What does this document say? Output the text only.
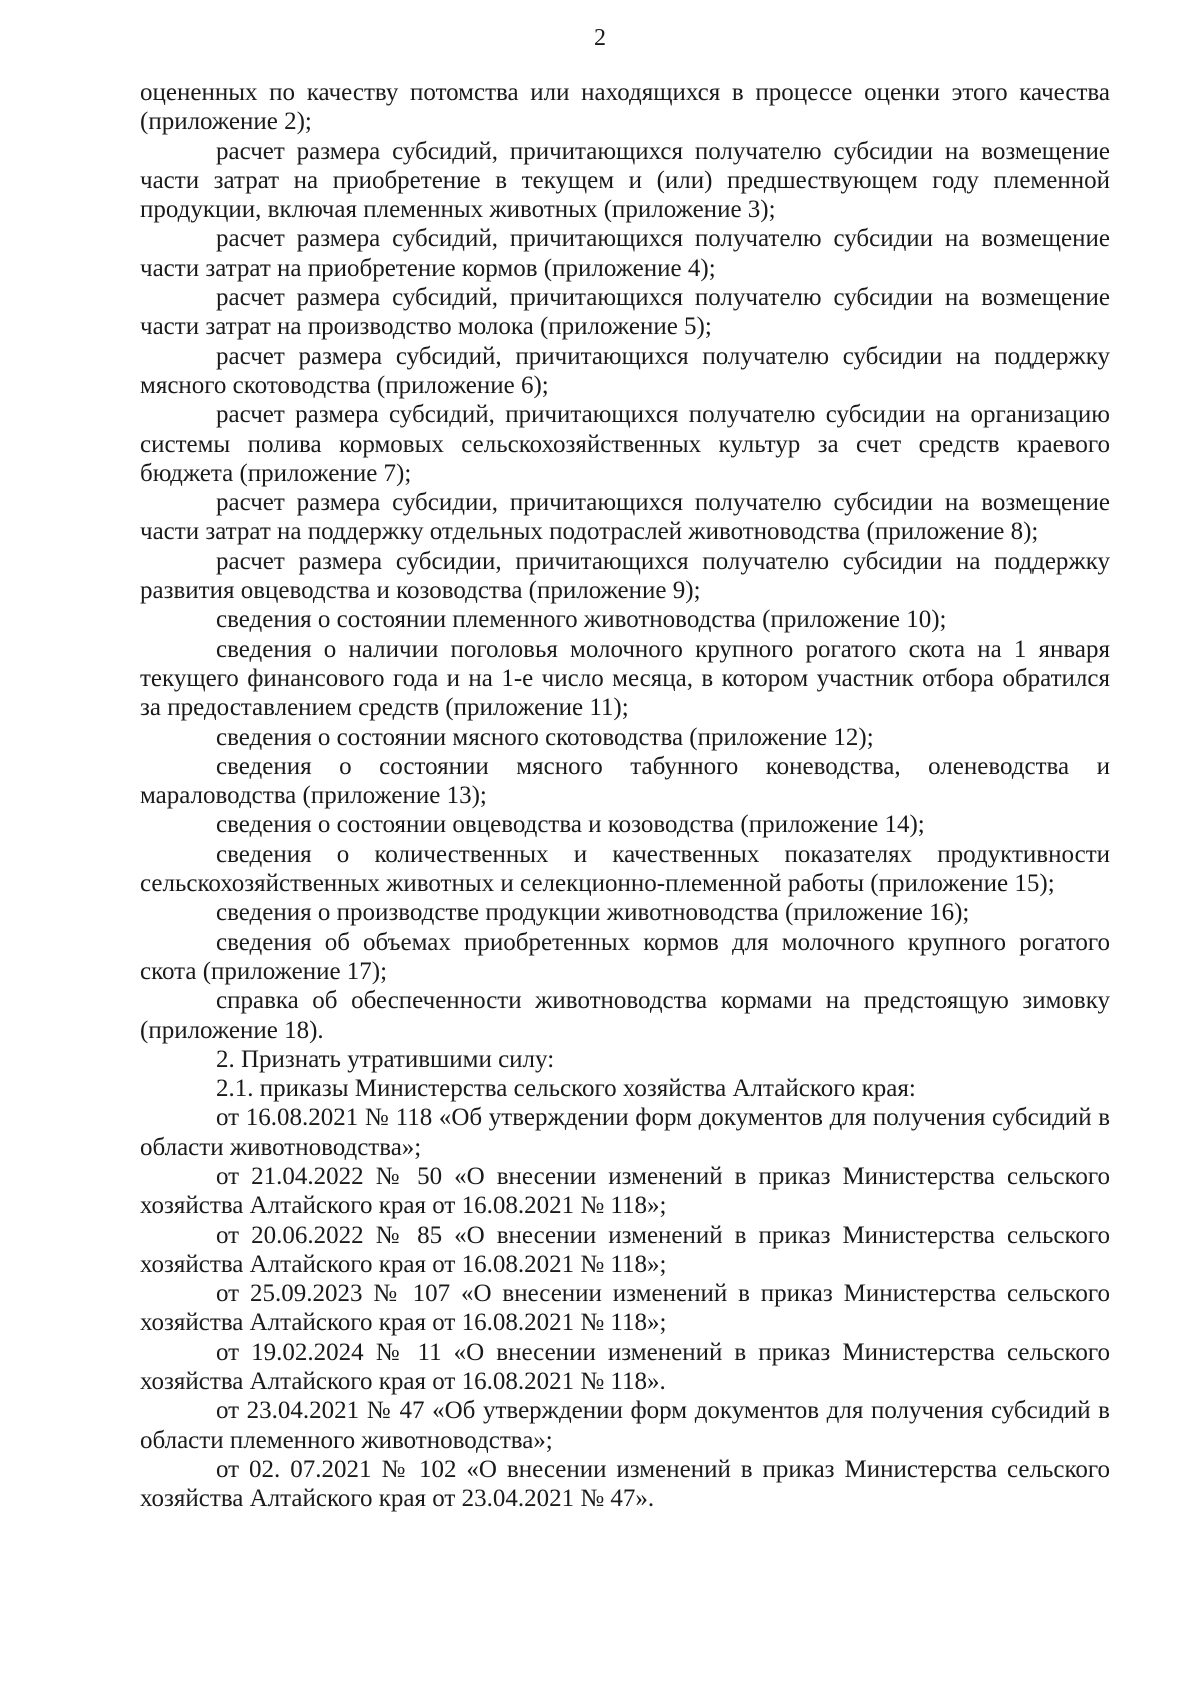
2

оцененных по качеству потомства или находящихся в процессе оценки этого качества (приложение 2);

расчет размера субсидий, причитающихся получателю субсидии на возмещение части затрат на приобретение в текущем и (или) предшествующем году племенной продукции, включая племенных животных (приложение 3);

расчет размера субсидий, причитающихся получателю субсидии на возмещение части затрат на приобретение кормов (приложение 4);

расчет размера субсидий, причитающихся получателю субсидии на возмещение части затрат на производство молока (приложение 5);

расчет размера субсидий, причитающихся получателю субсидии на поддержку мясного скотоводства (приложение 6);

расчет размера субсидий, причитающихся получателю субсидии на организацию системы полива кормовых сельскохозяйственных культур за счет средств краевого бюджета (приложение 7);

расчет размера субсидии, причитающихся получателю субсидии на возмещение части затрат на поддержку отдельных подотраслей животноводства (приложение 8);

расчет размера субсидии, причитающихся получателю субсидии на поддержку развития овцеводства и козоводства (приложение 9);

сведения о состоянии племенного животноводства (приложение 10);

сведения о наличии поголовья молочного крупного рогатого скота на 1 января текущего финансового года и на 1-е число месяца, в котором участник отбора обратился за предоставлением средств (приложение 11);

сведения о состоянии мясного скотоводства (приложение 12);

сведения о состоянии мясного табунного коневодства, оленеводства и мараловодства (приложение 13);

сведения о состоянии овцеводства и козоводства (приложение 14);

сведения о количественных и качественных показателях продуктивности сельскохозяйственных животных и селекционно-племенной работы (приложение 15);

сведения о производстве продукции животноводства (приложение 16);

сведения об объемах приобретенных кормов для молочного крупного рогатого скота (приложение 17);

справка об обеспеченности животноводства кормами на предстоящую зимовку (приложение 18).

2. Признать утратившими силу:

2.1. приказы Министерства сельского хозяйства Алтайского края:

от 16.08.2021 № 118 «Об утверждении форм документов для получения субсидий в области животноводства»;

от 21.04.2022 № 50 «О внесении изменений в приказ Министерства сельского хозяйства Алтайского края от 16.08.2021 № 118»;

от 20.06.2022 № 85 «О внесении изменений в приказ Министерства сельского хозяйства Алтайского края от 16.08.2021 № 118»;

от 25.09.2023 № 107 «О внесении изменений в приказ Министерства сельского хозяйства Алтайского края от 16.08.2021 № 118»;

от 19.02.2024 № 11 «О внесении изменений в приказ Министерства сельского хозяйства Алтайского края от 16.08.2021 № 118».

от 23.04.2021 № 47 «Об утверждении форм документов для получения субсидий в области племенного животноводства»;

от 02. 07.2021 № 102 «О внесении изменений в приказ Министерства сельского хозяйства Алтайского края от 23.04.2021 № 47».
